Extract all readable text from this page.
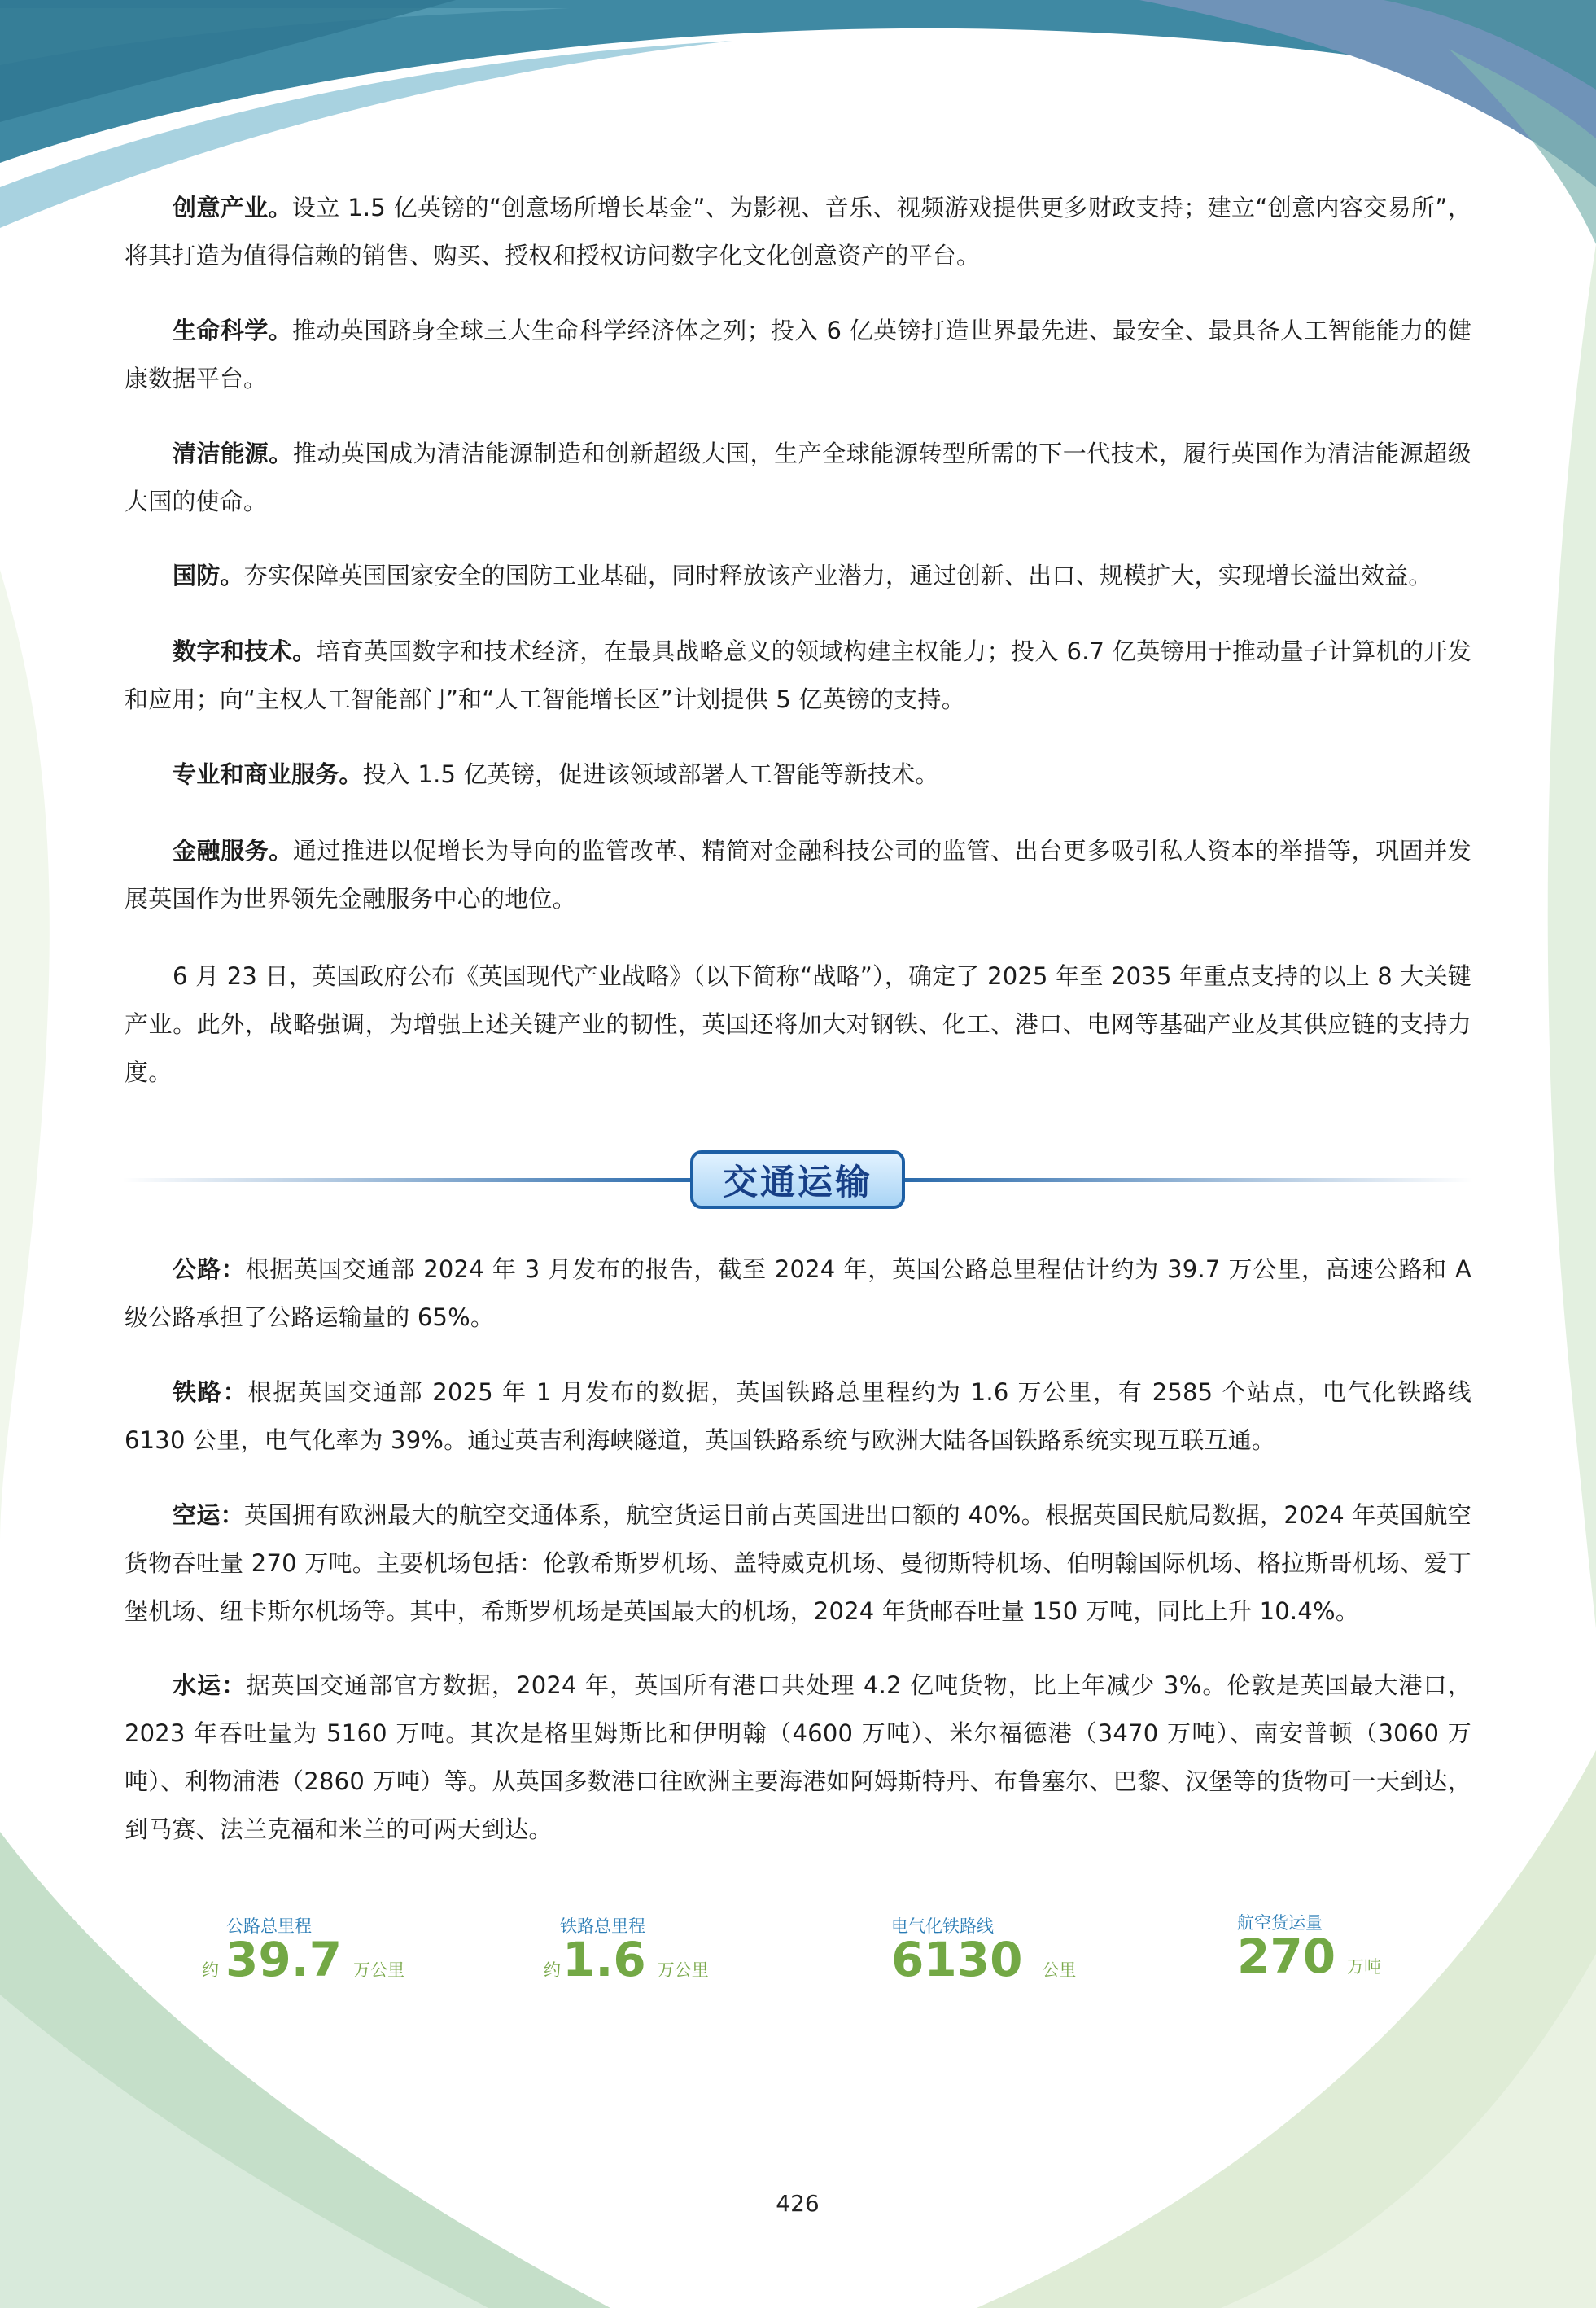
创意产业。设立 1.5 亿英镑的“创意场所增长基金”、为影视、音乐、视频游戏提供更多财政支持；建立“创意内容交易所”，将其打造为值得信赖的销售、购买、授权和授权访问数字化文化创意资产的平台。

生命科学。推动英国跻身全球三大生命科学经济体之列；投入 6 亿英镑打造世界最先进、最安全、最具备人工智能能力的健康数据平台。

清洁能源。推动英国成为清洁能源制造和创新超级大国，生产全球能源转型所需的下一代技术，履行英国作为清洁能源超级大国的使命。

国防。夯实保障英国国家安全的国防工业基础，同时释放该产业潜力，通过创新、出口、规模扩大，实现增长溢出效益。

数字和技术。培育英国数字和技术经济，在最具战略意义的领域构建主权能力；投入 6.7 亿英镑用于推动量子计算机的开发和应用；向“主权人工智能部门”和“人工智能增长区”计划提供 5 亿英镑的支持。

专业和商业服务。投入 1.5 亿英镑，促进该领域部署人工智能等新技术。

金融服务。通过推进以促增长为导向的监管改革、精简对金融科技公司的监管、出台更多吸引私人资本的举措等，巩固并发展英国作为世界领先金融服务中心的地位。

6 月 23 日，英国政府公布《英国现代产业战略》（以下简称“战略”），确定了 2025 年至 2035 年重点支持的以上 8 大关键产业。此外，战略强调，为增强上述关键产业的韧性，英国还将加大对钢铁、化工、港口、电网等基础产业及其供应链的支持力度。

交通运输

公路：根据英国交通部 2024 年 3 月发布的报告，截至 2024 年，英国公路总里程估计约为 39.7 万公里，高速公路和 A 级公路承担了公路运输量的 65%。

铁路：根据英国交通部 2025 年 1 月发布的数据，英国铁路总里程约为 1.6 万公里，有 2585 个站点，电气化铁路线 6130 公里，电气化率为 39%。通过英吉利海峡隧道，英国铁路系统与欧洲大陆各国铁路系统实现互联互通。

空运：英国拥有欧洲最大的航空交通体系，航空货运目前占英国进出口额的 40%。根据英国民航局数据，2024 年英国航空货物吞吐量 270 万吨。主要机场包括：伦敦希斯罗机场、盖特威克机场、曼彻斯特机场、伯明翰国际机场、格拉斯哥机场、爱丁堡机场、纽卡斯尔机场等。其中，希斯罗机场是英国最大的机场，2024 年货邮吞吐量 150 万吨，同比上升 10.4%。

水运：据英国交通部官方数据，2024 年，英国所有港口共处理 4.2 亿吨货物，比上年减少 3%。伦敦是英国最大港口，2023 年吞吐量为 5160 万吨。其次是格里姆斯比和伊明翰（4600 万吨）、米尔福德港（3470 万吨）、南安普顿（3060 万吨）、利物浦港（2860 万吨）等。从英国多数港口往欧洲主要海港如阿姆斯特丹、布鲁塞尔、巴黎、汉堡等的货物可一天到达，到马赛、法兰克福和米兰的可两天到达。

公路总里程
约 39.7 万公里
铁路总里程
约 1.6 万公里
电气化铁路线
6130 公里
航空货运量
270 万吨
426
